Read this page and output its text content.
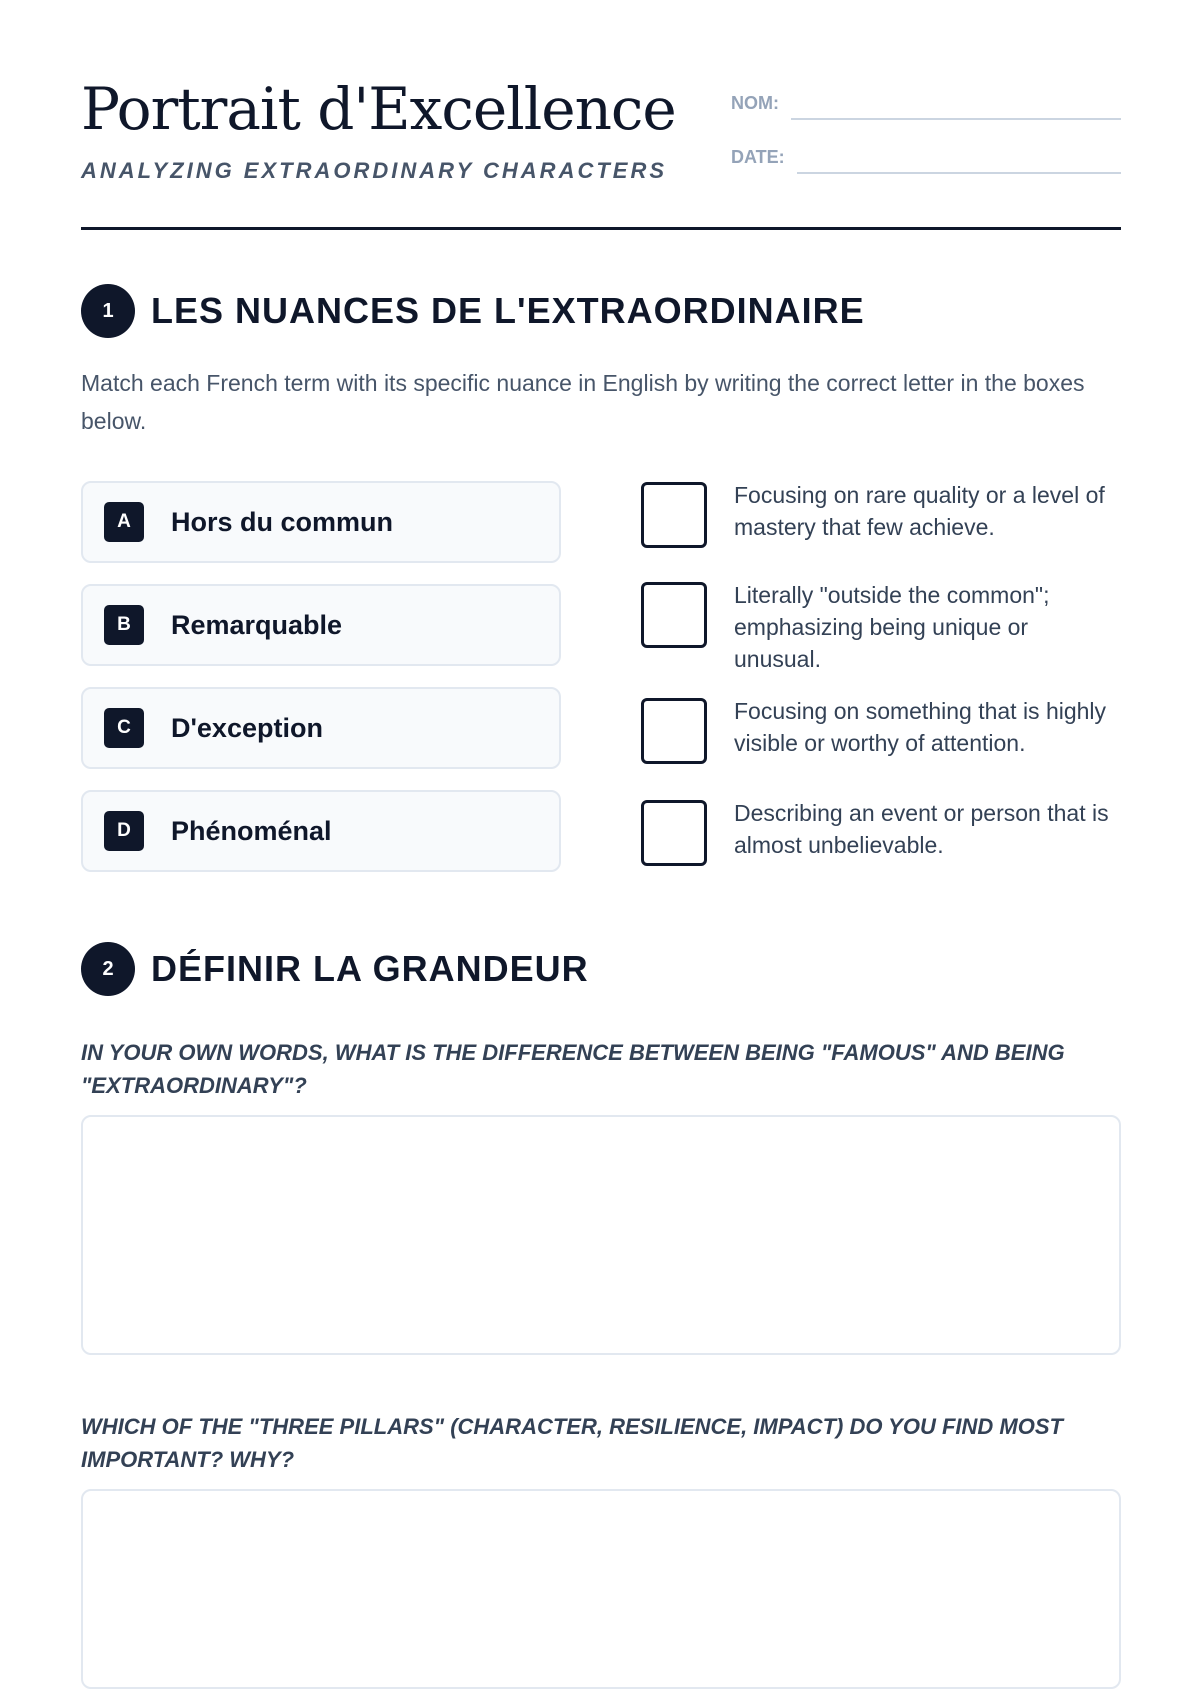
Portrait d'Excellence
ANALYZING EXTRAORDINARY CHARACTERS
NOM:
DATE:
1	LES NUANCES DE L'EXTRAORDINAIRE
Match each French term with its specific nuance in English by writing the correct letter in the boxes below.
A	Hors du commun
B	Remarquable
C	D'exception
D	Phénoménal
Focusing on rare quality or a level of mastery that few achieve.
Literally "outside the common"; emphasizing being unique or unusual.
Focusing on something that is highly visible or worthy of attention.
Describing an event or person that is almost unbelievable.
2	DÉFINIR LA GRANDEUR
IN YOUR OWN WORDS, WHAT IS THE DIFFERENCE BETWEEN BEING "FAMOUS" AND BEING "EXTRAORDINARY"?
WHICH OF THE "THREE PILLARS" (CHARACTER, RESILIENCE, IMPACT) DO YOU FIND MOST IMPORTANT? WHY?
